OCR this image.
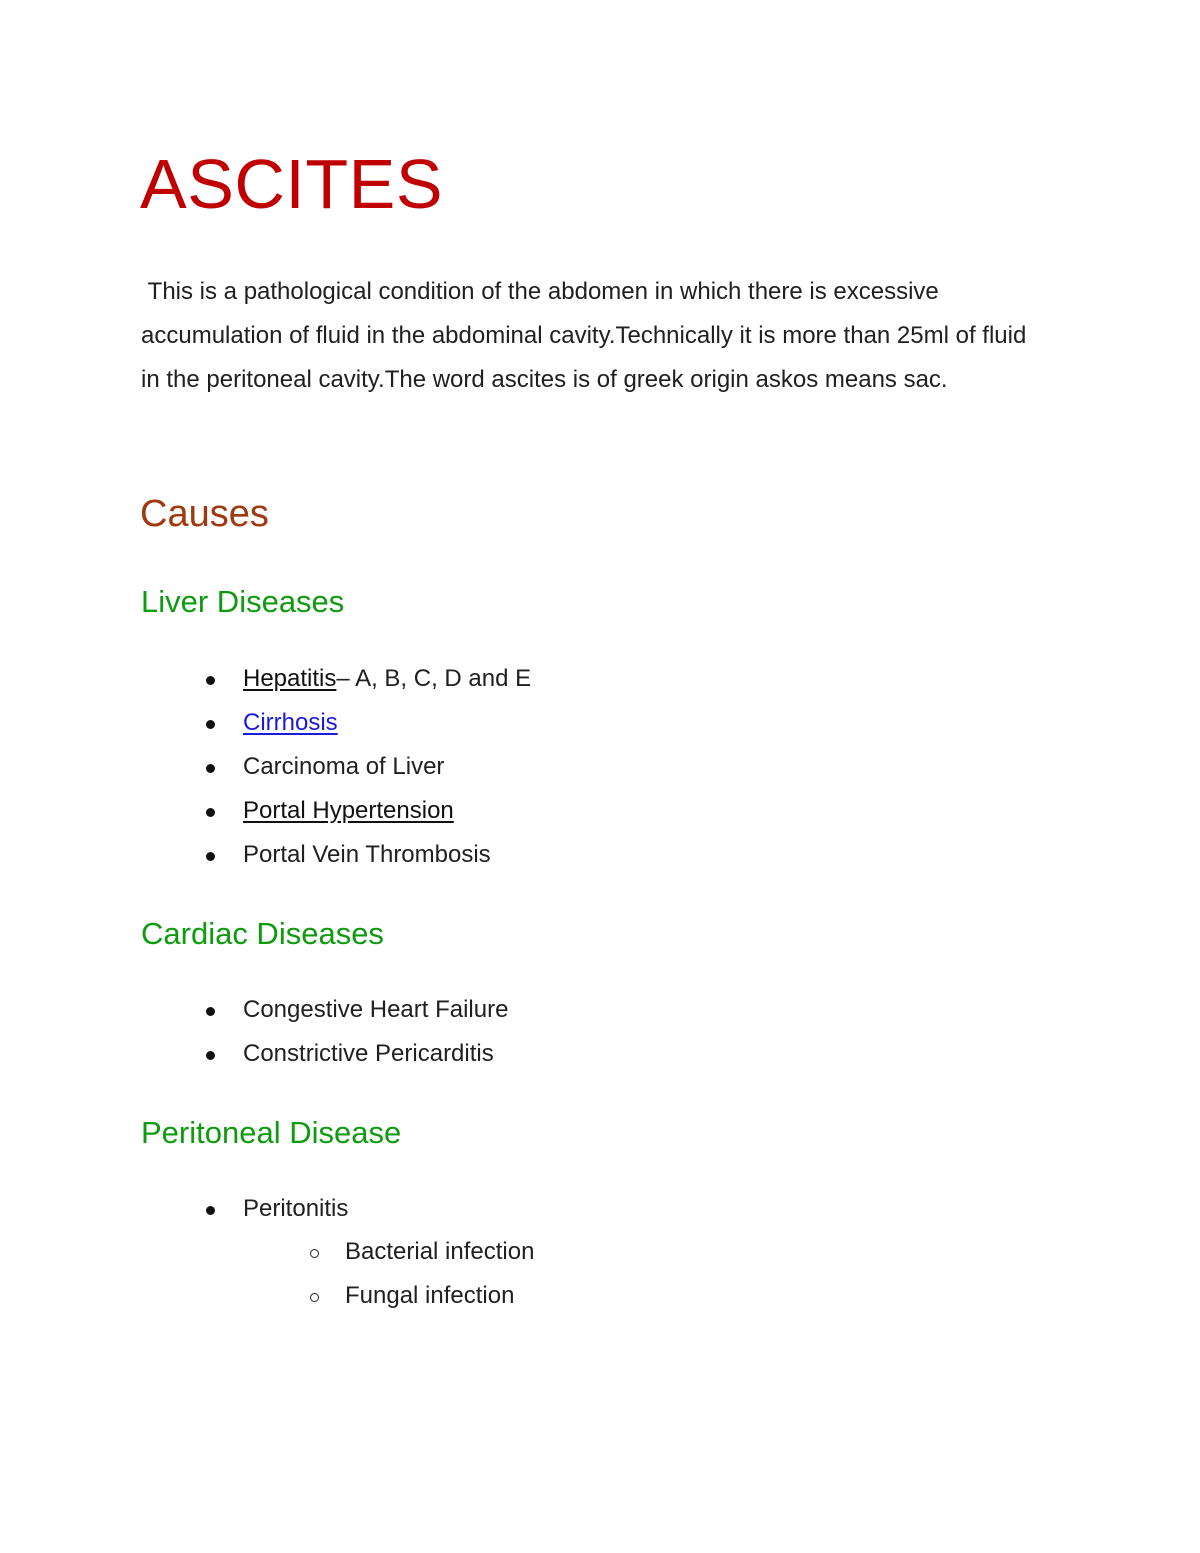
ASCITES

This is a pathological condition of the abdomen in which there is excessive accumulation of fluid in the abdominal cavity.Technically it is more than 25ml of fluid in the peritoneal cavity.The word ascites is of greek origin askos means sac.

Causes
Liver Diseases
Hepatitis– A, B, C, D and E
Cirrhosis
Carcinoma of Liver
Portal Hypertension
Portal Vein Thrombosis
Cardiac Diseases
Congestive Heart Failure
Constrictive Pericarditis
Peritoneal Disease
Peritonitis
Bacterial infection
Fungal infection
